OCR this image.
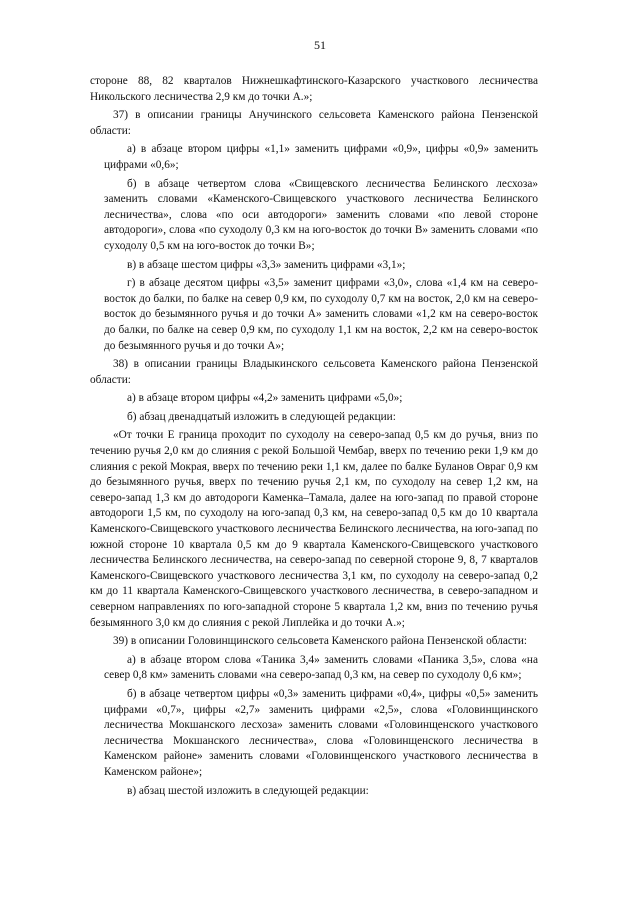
51

стороне 88, 82 кварталов Нижнешкафтинского-Казарского участкового лесничества Никольского лесничества 2,9 км до точки А.»;

37) в описании границы Анучинского сельсовета Каменского района Пензенской области:

а) в абзаце втором цифры «1,1» заменить цифрами «0,9», цифры «0,9» заменить цифрами «0,6»;

б) в абзаце четвертом слова «Свищевского лесничества Белинского лесхоза» заменить словами «Каменского-Свищевского участкового лесничества Белинского лесничества», слова «по оси автодороги» заменить словами «по левой стороне автодороги», слова «по суходолу 0,3 км на юго-восток до точки В» заменить словами «по суходолу 0,5 км на юго-восток до точки В»;

в) в абзаце шестом цифры «3,3» заменить цифрами «3,1»;

г) в абзаце десятом цифры «3,5» заменит цифрами «3,0», слова «1,4 км на северо-восток до балки, по балке на север 0,9 км, по суходолу 0,7 км на восток, 2,0 км на северо-восток до безымянного ручья и до точки А» заменить словами «1,2 км на северо-восток до балки, по балке на север 0,9 км, по суходолу 1,1 км на восток, 2,2 км на северо-восток до безымянного ручья и до точки А»;

38) в описании границы Владыкинского сельсовета Каменского района Пензенской области:

а) в абзаце втором цифры «4,2» заменить цифрами «5,0»;

б) абзац двенадцатый изложить в следующей редакции:

«От точки Е граница проходит по суходолу на северо-запад 0,5 км до ручья, вниз по течению ручья 2,0 км до слияния с рекой Большой Чембар, вверх по течению реки 1,9 км до слияния с рекой Мокрая, вверх по течению реки 1,1 км, далее по балке Буланов Овраг 0,9 км до безымянного ручья, вверх по течению ручья 2,1 км, по суходолу на север 1,2 км, на северо-запад 1,3 км до автодороги Каменка–Тамала, далее на юго-запад по правой стороне автодороги 1,5 км, по суходолу на юго-запад 0,3 км, на северо-запад 0,5 км до 10 квартала Каменского-Свищевского участкового лесничества Белинского лесничества, на юго-запад по южной стороне 10 квартала 0,5 км до 9 квартала Каменского-Свищевского участкового лесничества Белинского лесничества, на северо-запад по северной стороне 9, 8, 7 кварталов Каменского-Свищевского участкового лесничества 3,1 км, по суходолу на северо-запад 0,2 км до 11 квартала Каменского-Свищевского участкового лесничества, в северо-западном и северном направлениях по юго-западной стороне 5 квартала 1,2 км, вниз по течению ручья безымянного 3,0 км до слияния с рекой Липлейка и до точки А.»;

39) в описании Головинщинского сельсовета Каменского района Пензенской области:

а) в абзаце втором слова «Таника 3,4» заменить словами «Паника 3,5», слова «на север 0,8 км» заменить словами «на северо-запад 0,3 км, на север по суходолу 0,6 км»;

б) в абзаце четвертом цифры «0,3» заменить цифрами «0,4», цифры «0,5» заменить цифрами «0,7», цифры «2,7» заменить цифрами «2,5», слова «Головинщинского лесничества Мокшанского лесхоза» заменить словами «Головинщенского участкового лесничества Мокшанского лесничества», слова «Головинщенского лесничества в Каменском районе» заменить словами «Головинщенского участкового лесничества в Каменском районе»;

в) абзац шестой изложить в следующей редакции:
